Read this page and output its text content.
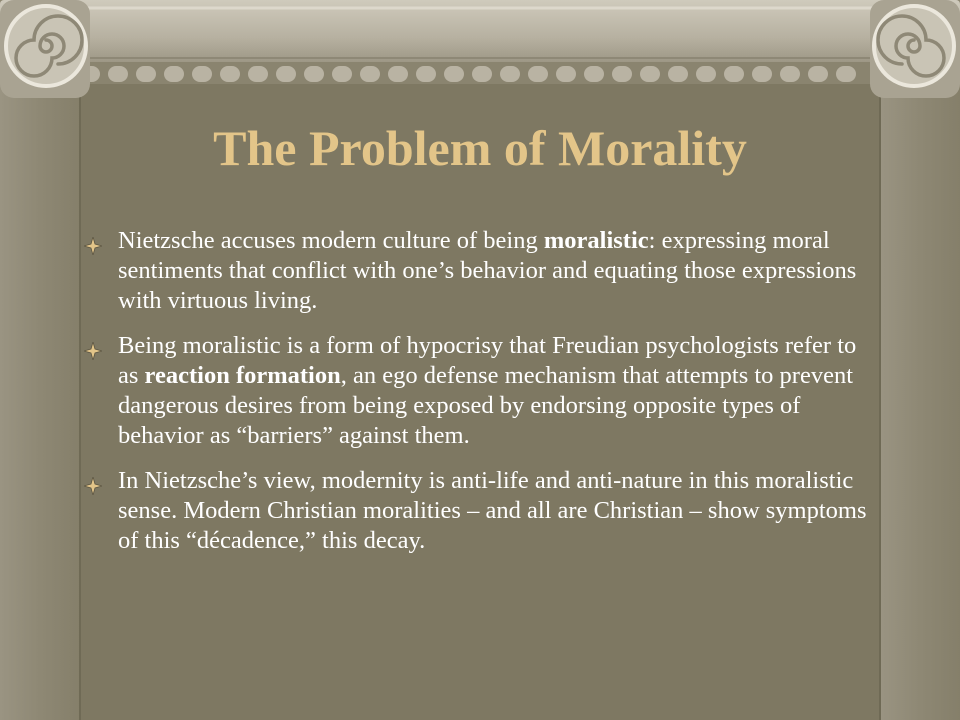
The Problem of Morality
Nietzsche accuses modern culture of being moralistic: expressing moral sentiments that conflict with one’s behavior and equating those expressions with virtuous living.
Being moralistic is a form of hypocrisy that Freudian psychologists refer to as reaction formation, an ego defense mechanism that attempts to prevent dangerous desires from being exposed by endorsing opposite types of behavior as “barriers” against them.
In Nietzsche’s view, modernity is anti-life and anti-nature in this moralistic sense. Modern Christian moralities – and all are Christian – show symptoms of this “décadence,” this decay.
